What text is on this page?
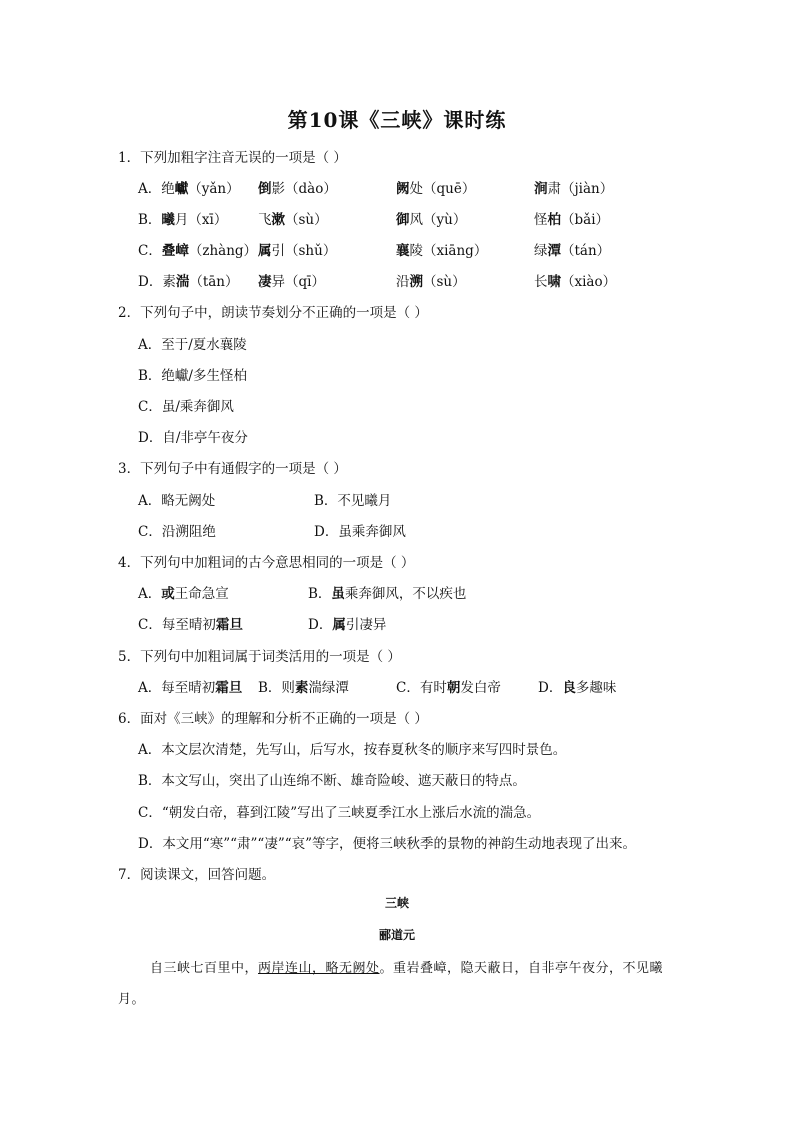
第10课《三峡》课时练
1．下列加粗字注音无误的一项是（ ）
A．绝巘（yǎn） 倒影（dào）	阙处（quē）	涧肃（jiàn）
B．曦月（xī） 飞漱（sù）	御风（yù）	怪柏（bǎi）
C．叠嶂（zhàng） 属引（shǔ）	襄陵（xiāng）	绿潭（tán）
D．素湍（tān） 凄异（qī）	沿溯（sù）	长啸（xiào）
2．下列句子中，朗读节奏划分不正确的一项是（ ）
A．至于/夏水襄陵
B．绝巘/多生怪柏
C．虽/乘奔御风
D．自/非亭午夜分
3．下列句子中有通假字的一项是（ ）
A．略无阙处	B．不见曦月
C．沿溯阻绝	D．虽乘奔御风
4．下列句中加粗词的古今意思相同的一项是（ ）
A．或王命急宣	B．虽乘奔御风，不以疾也
C．每至晴初霜旦	D．属引凄异
5．下列句中加粗词属于词类活用的一项是（ ）
A．每至晴初霜旦 B．则素湍绿潭	C．有时朝发白帝	D．良多趣味
6．面对《三峡》的理解和分析不正确的一项是（ ）
A．本文层次清楚，先写山，后写水，按春夏秋冬的顺序来写四时景色。
B．本文写山，突出了山连绵不断、雄奇险峻、遮天蔽日的特点。
C．“朝发白帝，暮到江陵”写出了三峡夏季江水上涨后水流的湍急。
D．本文用“寒”“肃”“凄”“哀”等字，便将三峡秋季的景物的神韵生动地表现了出来。
7．阅读课文，回答问题。
三峡
郦道元
自三峡七百里中，两岸连山，略无阙处。重岩叠嶂，隐天蔽日，自非亭午夜分，不见曦
月。
